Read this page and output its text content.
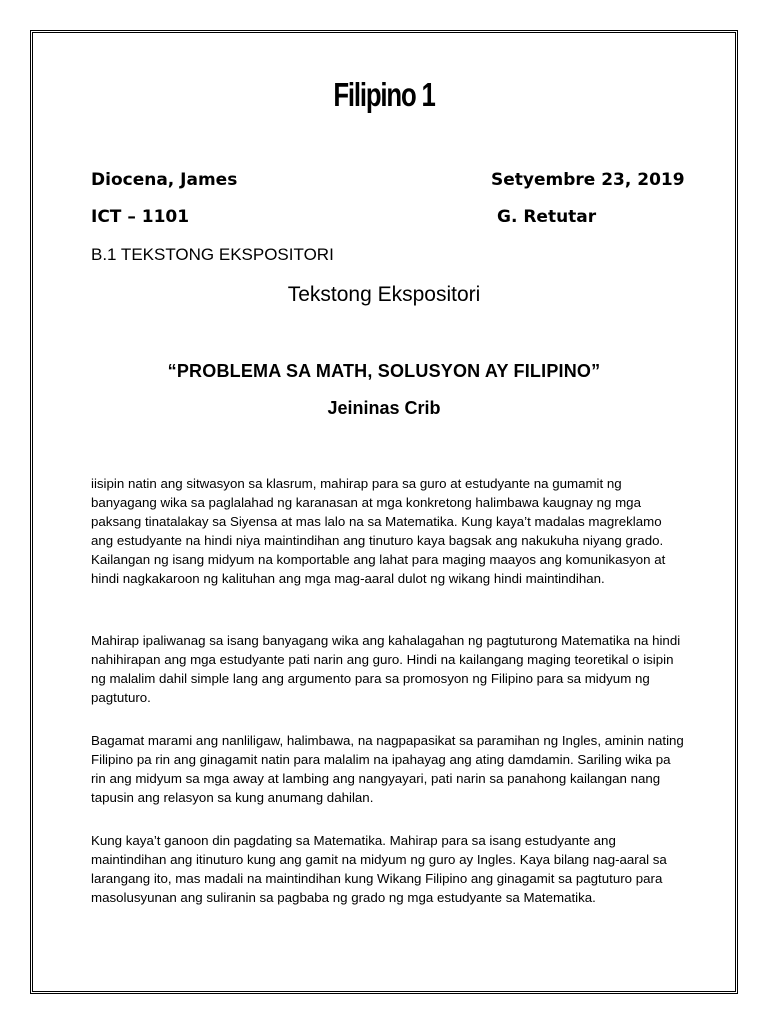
Filipino 1
Diocena, James	Setyembre 23, 2019
ICT – 1101	G. Retutar
B.1 TEKSTONG EKSPOSITORI
Tekstong Ekspositori
“PROBLEMA SA MATH, SOLUSYON AY FILIPINO”
Jeininas Crib

iisipin natin ang sitwasyon sa klasrum, mahirap para sa guro at estudyante na gumamit ng banyagang wika sa paglalahad ng karanasan at mga konkretong halimbawa kaugnay ng mga paksang tinatalakay sa Siyensa at mas lalo na sa Matematika. Kung kaya’t madalas magreklamo ang estudyante na hindi niya maintindihan ang tinuturo kaya bagsak ang nakukuha niyang grado. Kailangan ng isang midyum na komportable ang lahat para maging maayos ang komunikasyon at hindi nagkakaroon ng kalituhan ang mga mag-aaral dulot ng wikang hindi maintindihan.

Mahirap ipaliwanag sa isang banyagang wika ang kahalagahan ng pagtuturong Matematika na hindi nahihirapan ang mga estudyante pati narin ang guro. Hindi na kailangang maging teoretikal o isipin ng malalim dahil simple lang ang argumento para sa promosyon ng Filipino para sa midyum ng pagtuturo.

Bagamat marami ang nanliligaw, halimbawa, na nagpapasikat sa paramihan ng Ingles, aminin nating Filipino pa rin ang ginagamit natin para malalim na ipahayag ang ating damdamin. Sariling wika pa rin ang midyum sa mga away at lambing ang nangyayari, pati narin sa panahong kailangan nang tapusin ang relasyon sa kung anumang dahilan.

Kung kaya’t ganoon din pagdating sa Matematika. Mahirap para sa isang estudyante ang maintindihan ang itinuturo kung ang gamit na midyum ng guro ay Ingles. Kaya bilang nag-aaral sa larangang ito, mas madali na maintindihan kung Wikang Filipino ang ginagamit sa pagtuturo para masolusyunan ang suliranin sa pagbaba ng grado ng mga estudyante sa Matematika.
